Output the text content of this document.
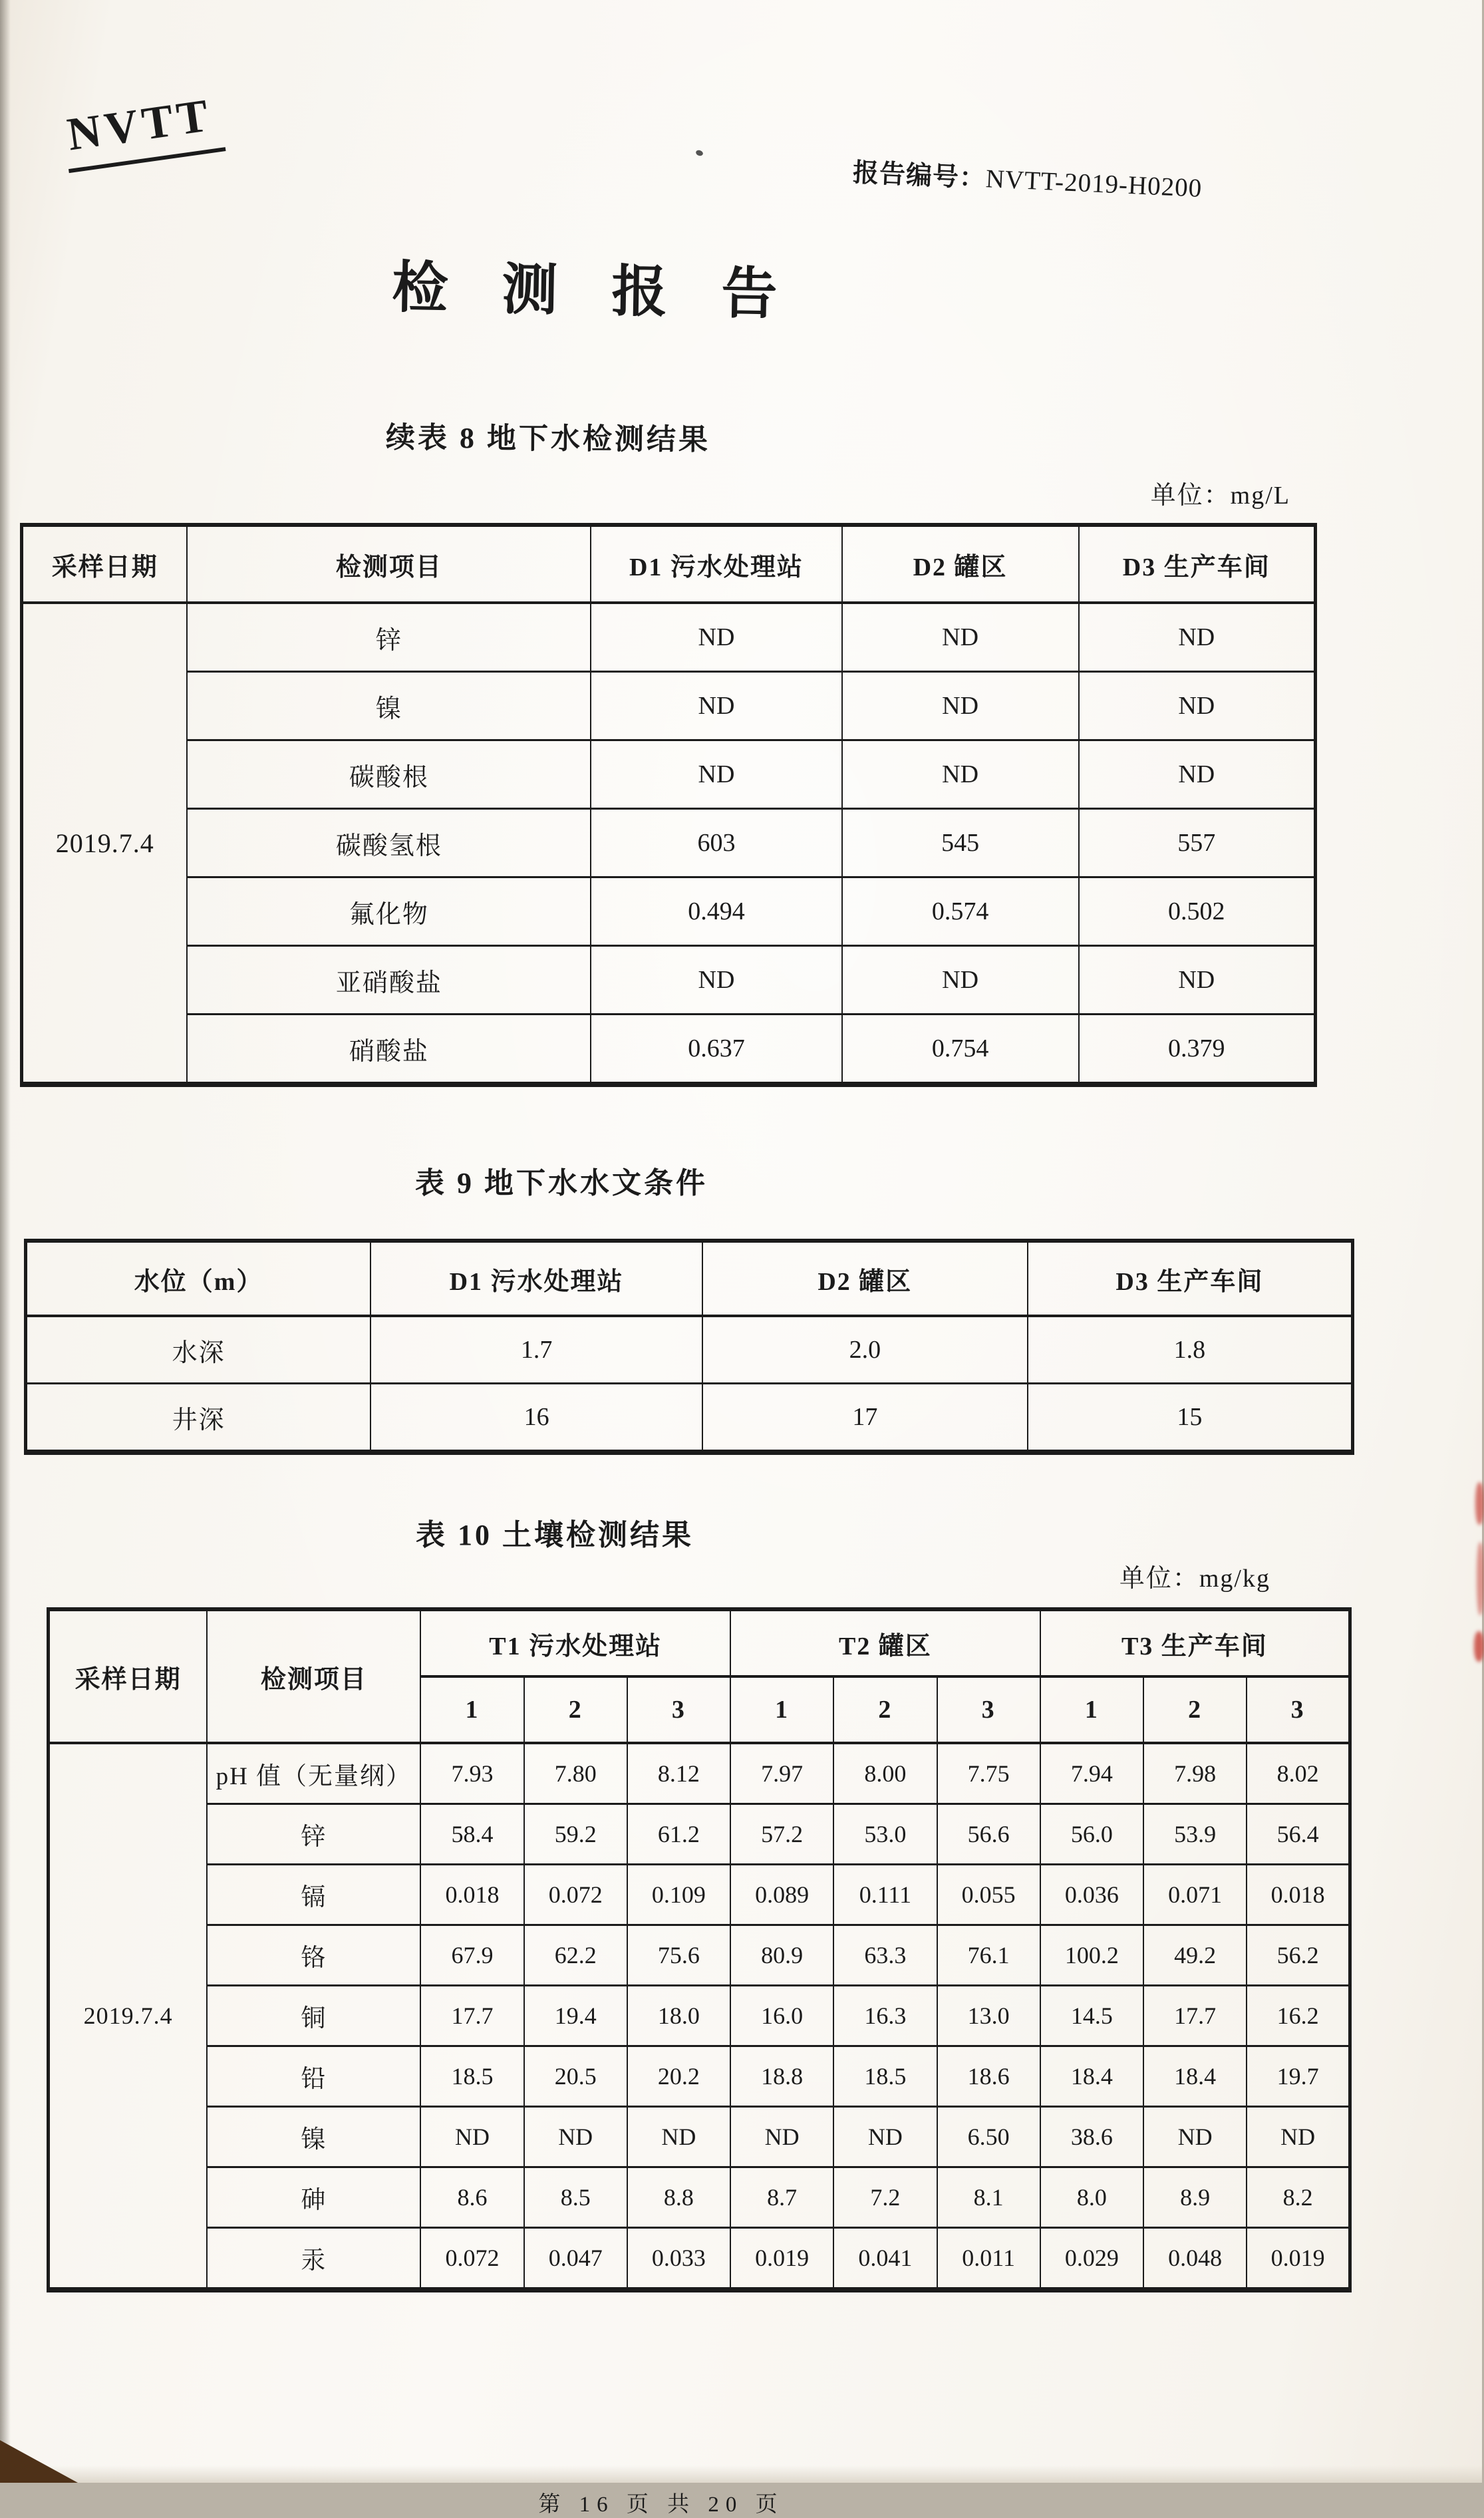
NVTT
报告编号：NVTT-2019-H0200
检 测 报 告
续表 8 地下水检测结果
单位：mg/L
采样日期	检测项目	D1 污水处理站	D2 罐区	D3 生产车间
2019.7.4	锌	ND	ND	ND
	镍	ND	ND	ND
	碳酸根	ND	ND	ND
	碳酸氢根	603	545	557
	氟化物	0.494	0.574	0.502
	亚硝酸盐	ND	ND	ND
	硝酸盐	0.637	0.754	0.379
表 9 地下水水文条件
水位（m）	D1 污水处理站	D2 罐区	D3 生产车间
水深	1.7	2.0	1.8
井深	16	17	15
表 10 土壤检测结果
单位：mg/kg
采样日期	检测项目	T1 污水处理站			T2 罐区			T3 生产车间		
		1	2	3	1	2	3	1	2	3
2019.7.4	pH 值（无量纲）	7.93	7.80	8.12	7.97	8.00	7.75	7.94	7.98	8.02
	锌	58.4	59.2	61.2	57.2	53.0	56.6	56.0	53.9	56.4
	镉	0.018	0.072	0.109	0.089	0.111	0.055	0.036	0.071	0.018
	铬	67.9	62.2	75.6	80.9	63.3	76.1	100.2	49.2	56.2
	铜	17.7	19.4	18.0	16.0	16.3	13.0	14.5	17.7	16.2
	铅	18.5	20.5	20.2	18.8	18.5	18.6	18.4	18.4	19.7
	镍	ND	ND	ND	ND	ND	6.50	38.6	ND	ND
	砷	8.6	8.5	8.8	8.7	7.2	8.1	8.0	8.9	8.2
	汞	0.072	0.047	0.033	0.019	0.041	0.011	0.029	0.048	0.019
第 16 页 共 20 页
